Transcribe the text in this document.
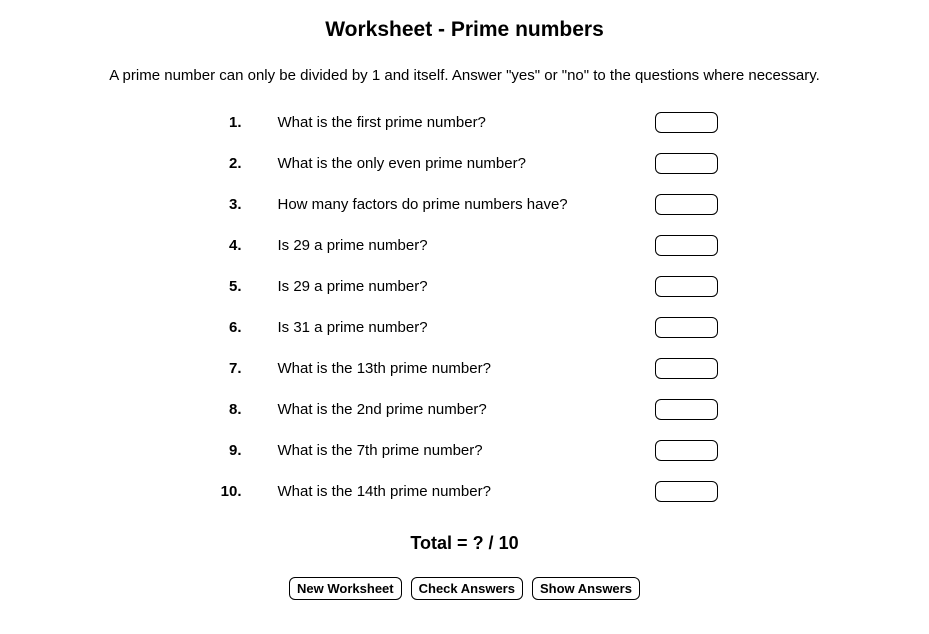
Worksheet - Prime numbers

A prime number can only be divided by 1 and itself. Answer "yes" or "no" to the questions where necessary.

1. What is the first prime number?
2. What is the only even prime number?
3. How many factors do prime numbers have?
4. Is 29 a prime number?
5. Is 29 a prime number?
6. Is 31 a prime number?
7. What is the 13th prime number?
8. What is the 2nd prime number?
9. What is the 7th prime number?
10. What is the 14th prime number?
Total = ? / 10
New Worksheet	Check Answers	Show Answers
